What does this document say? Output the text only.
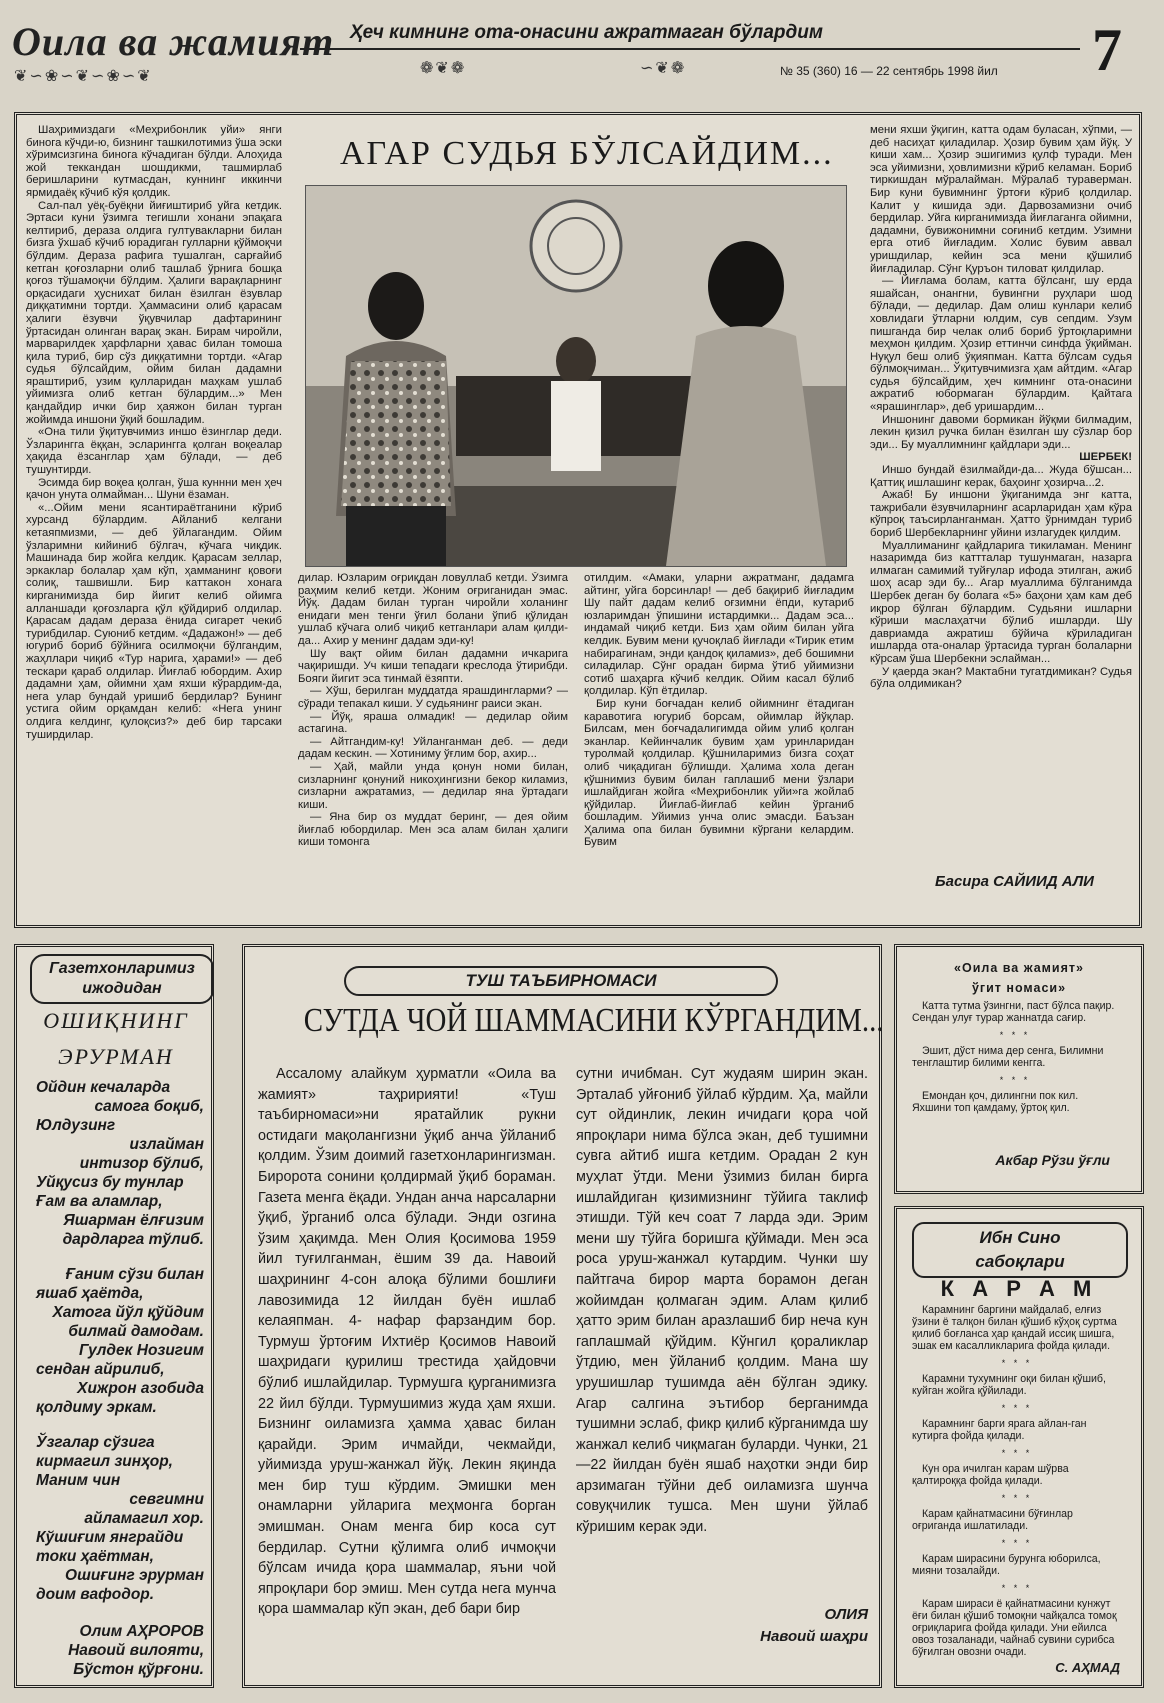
Оила ва жамият
❦∽❀∽❦∽❀∽❦
Ҳеч кимнинг ота-онасини ажратмаган бўлардим
❁❦❁	∽❦❁	№ 35 (360) 16 — 22 сентябрь 1998 йил 7
АГАР СУДЬЯ БЎЛСАЙДИМ...

Шаҳримиздаги «Меҳрибонлик уйи» янги бинога кўчди-ю, бизнинг ташкилотимиз ўша эски хўримсизгина бинога кўчадиган бўлди. Алоҳида жой теккандан шошдикми, ташмирлаб беришларини кутмасдан, куннинг иккинчи ярмидаёқ кўчиб кўя қолдик.

Сал-пал уёқ-буёқни йиғиштириб уйга кетдик. Эртаси куни ўзимга тегишли хонани эпақага келтириб, дераза олдига гултувакларни билан бизга ўхшаб кўчиб юрадиган гулларни қўймоқчи бўлдим. Дераза рафига тушалган, сарғайиб кетган қоғозларни олиб ташлаб ўрнига бошқа қоғоз тўшамоқчи бўлдим. Ҳалиги варақларнинг орқасидаги ҳуснихат билан ёзилган ёзувлар диққатимни тортди. Ҳаммасини олиб қарасам ҳалиги ёзувчи ўқувчилар дафтарининг ўртасидан олинган варақ экан. Бирам чиройли, марварилдек ҳарфларни ҳавас билан томоша қила туриб, бир сўз диққатимни тортди. «Агар судья бўлсайдим, ойим билан дадамни яраштириб, узим қулларидан маҳкам ушлаб уйимизга олиб кетган бўлардим...» Мен қандайдир ички бир ҳаяжон билан турган жойимда иншони ўқий бошладим.

«Она тили ўқитувчимиз иншо ёзинглар деди. Ўзларингга ёққан, эсларингга қолган воқеалар ҳақида ёзсанглар ҳам бўлади, — деб тушунтирди.

Эсимда бир воқеа қолган, ўша куннни мен ҳеч қачон унута олмайман... Шуни ёзаман.

«...Ойим мени ясантираётганини кўриб хурсанд бўлардим. Айланиб келгани кетаяпмизми, — деб ўйлагандим. Ойим ўзларимни кийиниб бўлгач, кўчага чиқдик. Машинада бир жойга келдик. Қарасам зеллар, эркаклар болалар ҳам кўп, ҳамманинг қовоғи солиқ, ташвишли. Бир каттакон хонага кирганимизда бир йигит келиб ойимга алланшади қоғозларга қўл қўйдириб олдилар. Қарасам дадам дераза ёнида сигарет чекиб турибдилар. Суюниб кетдим. «Дадажон!» — деб югуриб бориб бўйнига осилмоқчи бўлгандим, жаҳллари чиқиб «Тур нарига, ҳарами!» — деб тескари қараб олдилар. Йиғлаб юбордим. Ахир дадамни ҳам, ойимни ҳам яхши кўрардим-да, нега улар бундай уришиб бердилар? Бунинг устига ойим орқамдан келиб: «Нега унинг олдига келдинг, қулоқсиз?» деб бир тарсаки туширдилар.

дилар. Юзларим оғриқдан ловуллаб кетди. Ўзимга раҳмим келиб кетди. Жоним оғриганидан эмас. Йўқ. Дадам билан турган чиройли холанинг енидаги мен тенги ўғил болани ўпиб қўлидан ушлаб кўчага олиб чиқиб кетганлари алам қилди-да... Ахир у менинг дадам эди-ку!

Шу вақт ойим билан дадамни ичкарига чақиришди. Уч киши тепадаги креслода ўтирибди. Бояги йигит эса тинмай ёзяпти.

— Хўш, берилган муддатда ярашдингларми? — сўради тепакал киши. У судьянинг раиси экан.

— Йўқ, яраша олмадик! — дедилар ойим астагина.

— Айтгандим-ку! Уйланганман деб. — деди дадам кескин. — Хотиниму ўғлим бор, ахир...

— Ҳай, майли унда қонун номи билан, сизларнинг қонуний никоҳингизни бекор киламиз, сизларни ажратамиз, — дедилар яна ўртадаги киши.

— Яна бир оз муддат беринг, — дея ойим йиғлаб юбордилар. Мен эса алам билан ҳалиги киши томонга

отилдим. «Амаки, уларни ажратманг, дадамга айтинг, уйга борсинлар! — деб бақириб йиғладим Шу пайт дадам келиб оғзимни ёпди, кутариб юзларимдан ўпишини истардимки... Дадам эса... индамай чиқиб кетди. Биз ҳам ойим билан уйга келдик. Бувим мени қучоқлаб йиғлади «Тирик етим набирагинам, энди қандоқ қиламиз», деб бошимни силадилар. Сўнг орадан бирма ўтиб уйимизни сотиб шаҳарга кўчиб келдик. Ойим касал бўлиб қолдилар. Кўп ётдилар.

Бир куни боғчадан келиб ойимнинг ётадиган каравотига югуриб борсам, ойимлар йўқлар. Билсам, мен боғчадалигимда ойим улиб қолган эканлар. Кейинчалик бувим ҳам уринларидан туролмай қолдилар. Қўшниларимиз бизга соҳат олиб чиқадиган бўлишди. Ҳалима хола деган қўшнимиз бувим билан гаплашиб мени ўзлари ишлайдиган жойга «Меҳрибонлик уйи»га жойлаб қўйдилар. Йиғлаб-йиғлаб кейин ўрганиб бошладим. Уйимиз унча олис эмасди. Баъзан Ҳалима опа билан бувимни кўргани келардим. Бувим

мени яхши ўқигин, катта одам буласан, хўпми, — деб насиҳат қиладилар. Ҳозир бувим ҳам йўқ. У киши хам... Ҳозир эшигимиз қулф туради. Мен эса уйимизни, ҳовлимизни кўриб келаман. Бориб тиркишдан мўралайман. Мўралаб тураверман. Бир куни бувимнинг ўртоғи кўриб қолдилар. Калит у кишида эди. Дарвозамизни очиб бердилар. Уйга кирганимизда йиғлаганга ойимни, дадамни, бувижонимни соғиниб кетдим. Узимни ерга отиб йиғладим. Холис бувим аввал уришдилар, кейин эса мени қўшилиб йиғладилар. Сўнг Қуръон тиловат қилдилар.

— Йиғлама болам, катта бўлсанг, шу ерда яшайсан, онангни, бувингни руҳлари шод бўлади, — дедилар. Дам олиш кунлари келиб ховлидаги ўтларни юлдим, сув сепдим. Узум пишганда бир челак олиб бориб ўртоқларимни меҳмон қилдим. Ҳозир еттинчи синфда ўқийман. Нуқул беш олиб ўқияпман. Катта бўлсам судья бўлмоқчиман... Ўқитувчимизга ҳам айтдим. «Агар судья бўлсайдим, ҳеч кимнинг ота-онасини ажратиб юбормаган бўлардим. Қайтага «ярашинглар», деб уришардим...

Иншонинг давоми бормикан йўқми билмадим, лекин қизил ручка билан ёзилган шу сўзлар бор эди... Бу муаллимнинг қайдлари эди...

ШЕРБЕК!

Иншо бундай ёзилмайди-да... Жуда бўшсан... Қаттиқ ишлашинг керак, баҳоинг ҳозирча...2.

Ажаб! Бу иншони ўқиганимда энг катта, тажрибали ёзувчиларнинг асарларидан ҳам кўра кўпроқ таъсирланганман. Ҳатто ўрнимдан туриб бориб Шербекларнинг уйини излагудек қилдим.

Муаллиманинг қайдларига тикиламан. Менинг назаримда биз каттталар тушунмаган, назарга илмаган самимий туйғулар ифода этилган, ажиб шоҳ асар эди бу... Агар муаллима бўлганимда Шербек деган бу болага «5» баҳони ҳам кам деб иқрор бўлган бўлардим. Судьяни ишларни кўриши маслаҳатчи бўлиб ишларди. Шу давриамда ажратиш бўйича кўриладиган ишларда ота-оналар ўртасида турган болаларни кўрсам ўша Шербекни эслайман...

У қаерда экан? Мактабни тугатдимикан? Судья бўла олдимикан?

Басира САЙИИД АЛИ
Газетхонларимиз ижодидан
ОШИҚНИНГ
ЭРУРМАН

Ойдин кечаларда

самога боқиб,
Юлдузинг

излайман
интизор бўлиб,
Уйқусиз бу тунлар
Ғам ва аламлар,

Яшарман ёлғизим
дардларга тўлиб.

Ғаним сўзи билан
яшаб ҳаётда,

Хатога йўл қўйдим
билмай дамодам.
Гулдек Нозигим
сендан айрилиб,

Хижрон азобида
қолдиму эркам.

Ўзгалар сўзига
кирмагил зинҳор,
Маним чин

севгимни
айламагил хор.
Кўшиғим янграйди
токи ҳаётман,

Ошиғинг эрурман
доим вафодор.

Олим АҲРОРОВ
Навоий вилояти,
Бўстон қўрғони.
ТУШ ТАЪБИРНОМАСИ
СУТДА ЧОЙ ШАММАСИНИ КЎРГАНДИМ...

Ассалому алайкум ҳурматли «Оила ва жамият» таҳририяти! «Туш таъбирномаси»ни яратайлик рукни остидаги мақолангизни ўқиб анча ўйланиб қолдим. Ўзим доимий газетхонларингизман. Биророта сонини қолдирмай ўқиб бораман. Газета менга ёқади. Ундан анча нарсаларни ўқиб, ўрганиб олса бўлади. Энди озгина ўзим ҳақимда. Мен Олия Қосимова 1959 йил туғилганман, ёшим 39 да. Навоий шаҳрининг 4-сон алоқа бўлими бошлиғи лавозимида 12 йилдан буён ишлаб келаяпман. 4- нафар фарзандим бор. Турмуш ўртоғим Ихтиёр Қосимов Навоий шаҳридаги қурилиш трестида ҳайдовчи бўлиб ишлайдилар. Турмушга қурганимизга 22 йил бўлди. Турмушимиз жуда ҳам яхши. Бизнинг оиламизга ҳамма ҳавас билан қарайди. Эрим ичмайди, чекмайди, уйимизда уруш-жанжал йўқ. Лекин яқинда мен бир туш кўрдим. Эмишки мен онамларни уйларига меҳмонга борган эмишман. Онам менга бир коса сут бердилар. Сутни қўлимга олиб ичмоқчи бўлсам ичида қора шаммалар, яъни чой япроқлари бор эмиш. Мен сутда нега мунча қора шаммалар кўп экан, деб бари бир

сутни ичибман. Сут жудаям ширин экан. Эрталаб уйғониб ўйлаб кўрдим. Ҳа, майли сут ойдинлик, лекин ичидаги қора чой япроқлари нима бўлса экан, деб тушимни сувга айтиб ишга кетдим. Орадан 2 кун муҳлат ўтди. Мени ўзимиз билан бирга ишлайдиган қизимизнинг тўйига таклиф этишди. Тўй кеч соат 7 ларда эди. Эрим мени шу тўйга боришга қўймади. Мен эса роса уруш-жанжал кутардим. Чунки шу пайтгача бирор марта борамон деган жойимдан қолмаган эдим. Алам қилиб ҳатто эрим билан аразлашиб бир неча кун гаплашмай қўйдим. Кўнгил қораликлар ўтдию, мен ўйланиб қолдим. Мана шу урушишлар тушимда аён бўлган эдику. Агар салгина эътибор берганимда тушимни эслаб, фикр қилиб кўрганимда шу жанжал келиб чиқмаган буларди. Чунки, 21—22 йилдан буён яшаб наҳотки энди бир арзимаган тўйни деб оиламизга шунча совуқчилик тушса. Мен шуни ўйлаб кўришим керак эди.

ОЛИЯ
Навоий шаҳри
«Оила ва жамият»
ўгит номаси»

Катта тутма ўзингни, паст бўлса пақир. Сендан улуғ турар жаннатда сағир.

* * *

Эшит, дўст нима дер сенга, Билимни тенглаштир билими кенгга.

* * *

Емондан қоч, дилингни пок кил. Яхшини топ қамдаму, ўртоқ қил.

Акбар Рўзи ўғли
Ибн Сино
сабоқлари
К А Р А М

Карамнинг баргини майдалаб, елғиз ўзини ё талқон билан қўшиб кўҳоқ суртма қилиб боғланса ҳар қандай иссиқ шишга, эшак ем касалликларига фойда қилади.

* * *

Карамни тухумнинг оқи билан қўшиб, куйган жойга қўйилади.

* * *

Карамнинг барги ярага айлан-ган кутирга фойда қилади.

* * *

Кун ора ичилган карам шўрва қалтироққа фойда қилади.

* * *

Карам қайнатмасини бўғинлар оғриганда ишлатилади.

* * *

Карам ширасини бурунга юборилса, мияни тозалайди.

* * *

Карам шираси ё қайнатмасини кунжут ёғи билан қўшиб томоқни чайқалса томоқ оғриқларига фойда қилади. Уни ейилса овоз тозаланади, чайнаб сувини сурибса бўғилган овозни очади.

С. АҲМАД
